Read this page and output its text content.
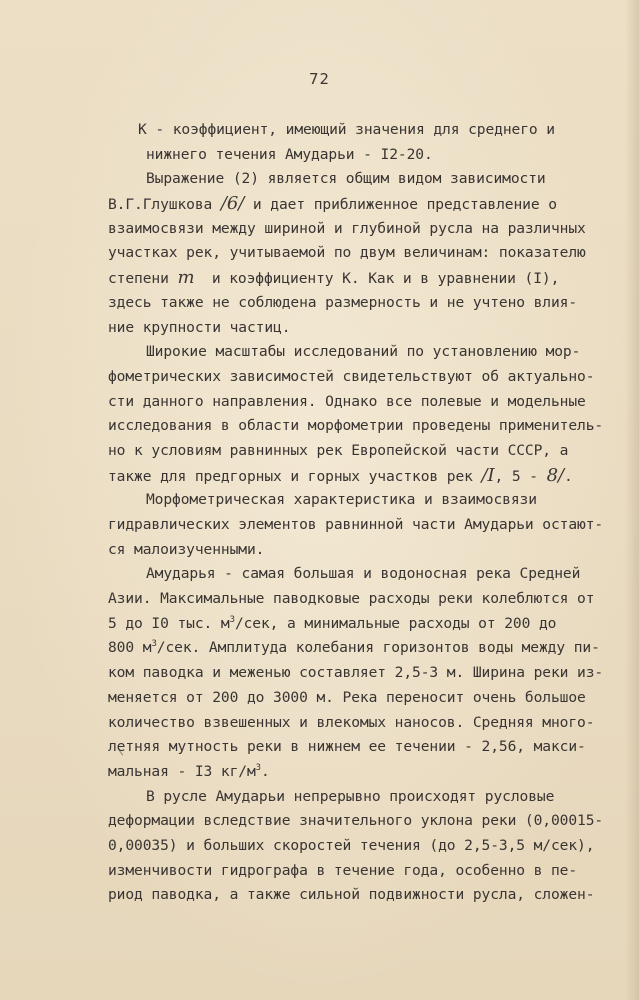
72
К - коэффициент, имеющий значения для среднего и
нижнего течения Амударьи - I2-20.
Выражение (2) является общим видом зависимости
В.Г.Глушкова /6/ и дает приближенное представление о
взаимосвязи между шириной и глубиной русла на различных
участках рек, учитываемой по двум величинам: показателю
степени m  и коэффициенту К. Как и в уравнении (I),
здесь также не соблюдена размерность и не учтено влия-
ние крупности частиц.
Широкие масштабы исследований по установлению мор-
фометрических зависимостей свидетельствуют об актуально-
сти данного направления. Однако все полевые и модельные
исследования в области морфометрии проведены применитель-
но к условиям равнинных рек Европейской части СССР, а
также для предгорных и горных участков рек /I, 5 - 8/.
Морфометрическая характеристика и взаимосвязи
гидравлических элементов равнинной части Амударьи остают-
ся малоизученными.
Амударья - самая большая и водоносная река Средней
Азии. Максимальные паводковые расходы реки колеблются от
5 до I0 тыс. $м^3$/сек, а минимальные расходы от 200 до
800 $м^3$/сек. Амплитуда колебания горизонтов воды между пи-
ком паводка и меженью составляет 2,5-3 м. Ширина реки из-
меняется от 200 до 3000 м. Река переносит очень большое
количество взвешенных и влекомых наносов. Средняя много-
летняя мутность реки в нижнем ее течении - 2,56, макси-
мальная - I3 $кг/м^3$.
В русле Амударьи непрерывно происходят русловые
деформации вследствие значительного уклона реки (0,00015-
0,00035) и больших скоростей течения (до 2,5-3,5 м/сек),
изменчивости гидрографа в течение года, особенно в пе-
риод паводка, а также сильной подвижности русла, сложен-
